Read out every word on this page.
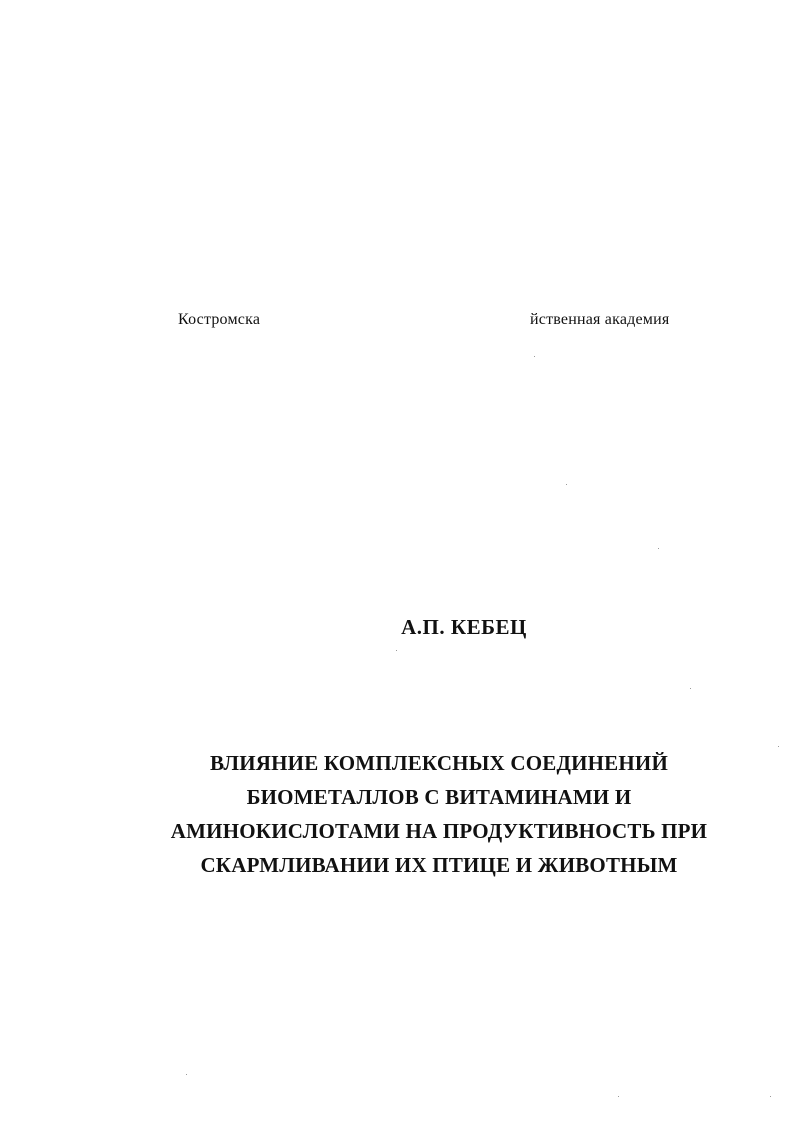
Костромска	йственная академия
А.П. КЕБЕЦ
ВЛИЯНИЕ КОМПЛЕКСНЫХ СОЕДИНЕНИЙ
БИОМЕТАЛЛОВ С ВИТАМИНАМИ И
АМИНОКИСЛОТАМИ НА ПРОДУКТИВНОСТЬ ПРИ
СКАРМЛИВАНИИ ИХ ПТИЦЕ И ЖИВОТНЫМ
